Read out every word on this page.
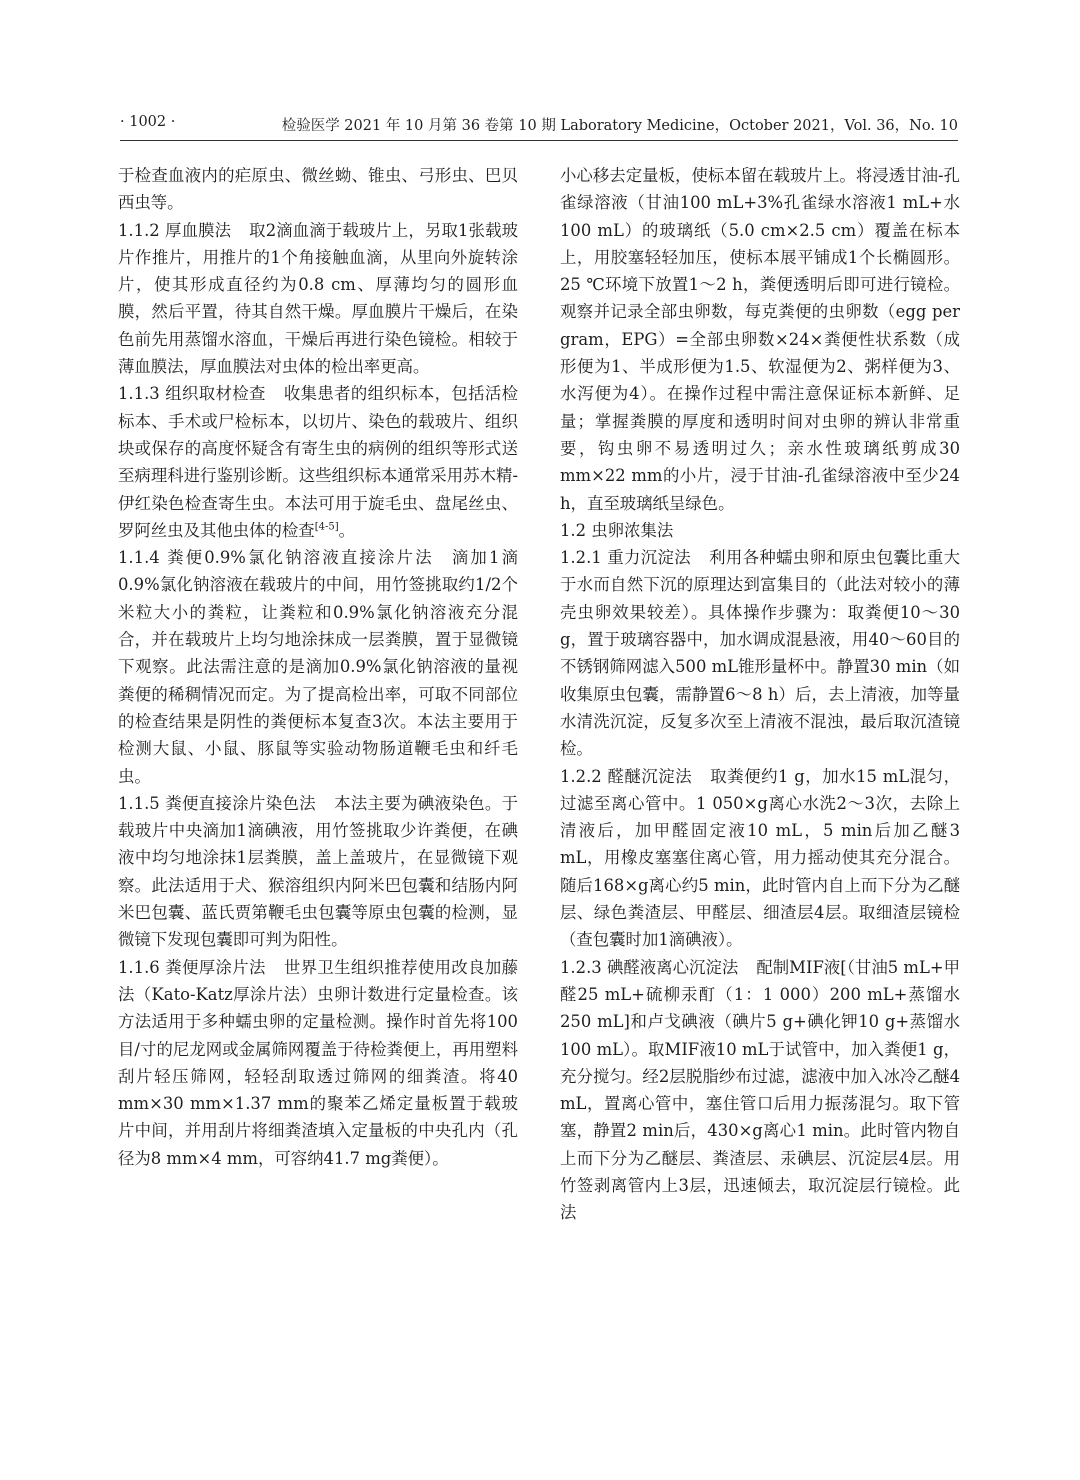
· 1002 ·	检验医学 2021 年 10 月第 36 卷第 10 期 Laboratory Medicine，October 2021，Vol. 36，No. 10

于检查血液内的疟原虫、微丝蚴、锥虫、弓形虫、巴贝西虫等。

1.1.2 厚血膜法 取2滴血滴于载玻片上，另取1张载玻片作推片，用推片的1个角接触血滴，从里向外旋转涂片，使其形成直径约为0.8 cm、厚薄均匀的圆形血膜，然后平置，待其自然干燥。厚血膜片干燥后，在染色前先用蒸馏水溶血，干燥后再进行染色镜检。相较于薄血膜法，厚血膜法对虫体的检出率更高。

1.1.3 组织取材检查 收集患者的组织标本，包括活检标本、手术或尸检标本，以切片、染色的载玻片、组织块或保存的高度怀疑含有寄生虫的病例的组织等形式送至病理科进行鉴别诊断。这些组织标本通常采用苏木精-伊红染色检查寄生虫。本法可用于旋毛虫、盘尾丝虫、罗阿丝虫及其他虫体的检查[4-5]。

1.1.4 粪便0.9%氯化钠溶液直接涂片法 滴加1滴0.9%氯化钠溶液在载玻片的中间，用竹签挑取约1/2个米粒大小的粪粒，让粪粒和0.9%氯化钠溶液充分混合，并在载玻片上均匀地涂抹成一层粪膜，置于显微镜下观察。此法需注意的是滴加0.9%氯化钠溶液的量视粪便的稀稠情况而定。为了提高检出率，可取不同部位的检查结果是阴性的粪便标本复查3次。本法主要用于检测大鼠、小鼠、豚鼠等实验动物肠道鞭毛虫和纤毛虫。

1.1.5 粪便直接涂片染色法 本法主要为碘液染色。于载玻片中央滴加1滴碘液，用竹签挑取少许粪便，在碘液中均匀地涂抹1层粪膜，盖上盖玻片，在显微镜下观察。此法适用于犬、猴溶组织内阿米巴包囊和结肠内阿米巴包囊、蓝氏贾第鞭毛虫包囊等原虫包囊的检测，显微镜下发现包囊即可判为阳性。

1.1.6 粪便厚涂片法 世界卫生组织推荐使用改良加藤法（Kato-Katz厚涂片法）虫卵计数进行定量检查。该方法适用于多种蠕虫卵的定量检测。操作时首先将100目/寸的尼龙网或金属筛网覆盖于待检粪便上，再用塑料刮片轻压筛网，轻轻刮取透过筛网的细粪渣。将40 mm×30 mm×1.37 mm的聚苯乙烯定量板置于载玻片中间，并用刮片将细粪渣填入定量板的中央孔内（孔径为8 mm×4 mm，可容纳41.7 mg粪便）。

小心移去定量板，使标本留在载玻片上。将浸透甘油-孔雀绿溶液（甘油100 mL+3%孔雀绿水溶液1 mL+水100 mL）的玻璃纸（5.0 cm×2.5 cm）覆盖在标本上，用胶塞轻轻加压，使标本展平铺成1个长椭圆形。25 ℃环境下放置1～2 h，粪便透明后即可进行镜检。观察并记录全部虫卵数，每克粪便的虫卵数（egg per gram，EPG）=全部虫卵数×24×粪便性状系数（成形便为1、半成形便为1.5、软湿便为2、粥样便为3、水泻便为4）。在操作过程中需注意保证标本新鲜、足量；掌握粪膜的厚度和透明时间对虫卵的辨认非常重要，钩虫卵不易透明过久；亲水性玻璃纸剪成30 mm×22 mm的小片，浸于甘油-孔雀绿溶液中至少24 h，直至玻璃纸呈绿色。

1.2 虫卵浓集法

1.2.1 重力沉淀法 利用各种蠕虫卵和原虫包囊比重大于水而自然下沉的原理达到富集目的（此法对较小的薄壳虫卵效果较差）。具体操作步骤为：取粪便10～30 g，置于玻璃容器中，加水调成混悬液，用40～60目的不锈钢筛网滤入500 mL锥形量杯中。静置30 min（如收集原虫包囊，需静置6～8 h）后，去上清液，加等量水清洗沉淀，反复多次至上清液不混浊，最后取沉渣镜检。

1.2.2 醛醚沉淀法 取粪便约1 g，加水15 mL混匀，过滤至离心管中。1 050×g离心水洗2～3次，去除上清液后，加甲醛固定液10 mL，5 min后加乙醚3 mL，用橡皮塞塞住离心管，用力摇动使其充分混合。随后168×g离心约5 min，此时管内自上而下分为乙醚层、绿色粪渣层、甲醛层、细渣层4层。取细渣层镜检（查包囊时加1滴碘液）。

1.2.3 碘醛液离心沉淀法 配制MIF液[（甘油5 mL+甲醛25 mL+硫柳汞酊（1：1 000）200 mL+蒸馏水250 mL]和卢戈碘液（碘片5 g+碘化钾10 g+蒸馏水100 mL）。取MIF液10 mL于试管中，加入粪便1 g，充分搅匀。经2层脱脂纱布过滤，滤液中加入冰冷乙醚4 mL，置离心管中，塞住管口后用力振荡混匀。取下管塞，静置2 min后，430×g离心1 min。此时管内物自上而下分为乙醚层、粪渣层、汞碘层、沉淀层4层。用竹签剥离管内上3层，迅速倾去，取沉淀层行镜检。此法
